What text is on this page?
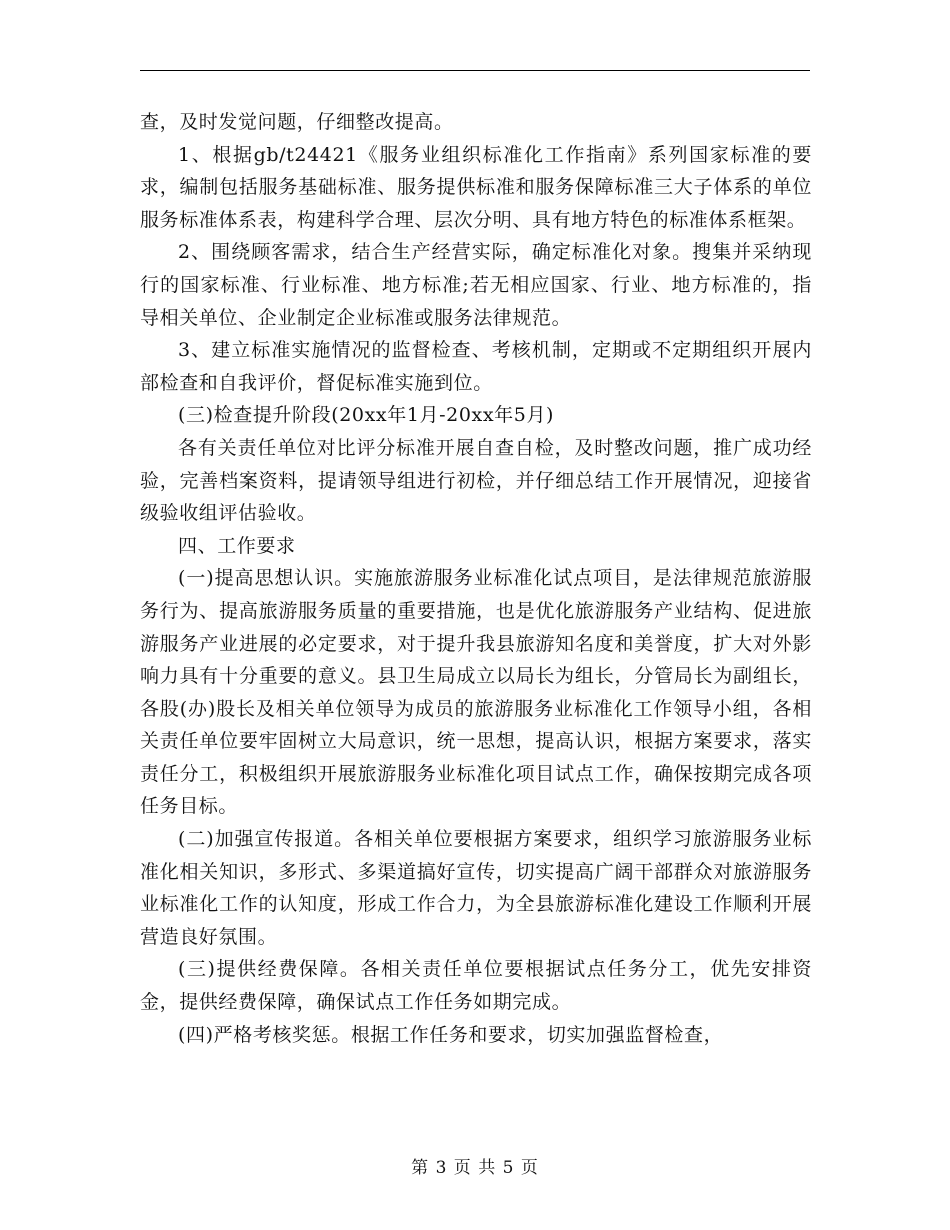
查，及时发觉问题，仔细整改提高。

1、根据gb/t24421《服务业组织标准化工作指南》系列国家标准的要求，编制包括服务基础标准、服务提供标准和服务保障标准三大子体系的单位服务标准体系表，构建科学合理、层次分明、具有地方特色的标准体系框架。

2、围绕顾客需求，结合生产经营实际，确定标准化对象。搜集并采纳现行的国家标准、行业标准、地方标准;若无相应国家、行业、地方标准的，指导相关单位、企业制定企业标准或服务法律规范。

3、建立标准实施情况的监督检查、考核机制，定期或不定期组织开展内部检查和自我评价，督促标准实施到位。

(三)检查提升阶段(20xx年1月-20xx年5月)

各有关责任单位对比评分标准开展自查自检，及时整改问题，推广成功经验，完善档案资料，提请领导组进行初检，并仔细总结工作开展情况，迎接省级验收组评估验收。

四、工作要求

(一)提高思想认识。实施旅游服务业标准化试点项目，是法律规范旅游服务行为、提高旅游服务质量的重要措施，也是优化旅游服务产业结构、促进旅游服务产业进展的必定要求，对于提升我县旅游知名度和美誉度，扩大对外影响力具有十分重要的意义。县卫生局成立以局长为组长，分管局长为副组长，各股(办)股长及相关单位领导为成员的旅游服务业标准化工作领导小组，各相关责任单位要牢固树立大局意识，统一思想，提高认识，根据方案要求，落实责任分工，积极组织开展旅游服务业标准化项目试点工作，确保按期完成各项任务目标。

(二)加强宣传报道。各相关单位要根据方案要求，组织学习旅游服务业标准化相关知识，多形式、多渠道搞好宣传，切实提高广阔干部群众对旅游服务业标准化工作的认知度，形成工作合力，为全县旅游标准化建设工作顺利开展营造良好氛围。

(三)提供经费保障。各相关责任单位要根据试点任务分工，优先安排资金，提供经费保障，确保试点工作任务如期完成。

(四)严格考核奖惩。根据工作任务和要求，切实加强监督检查，

第 3 页 共 5 页
